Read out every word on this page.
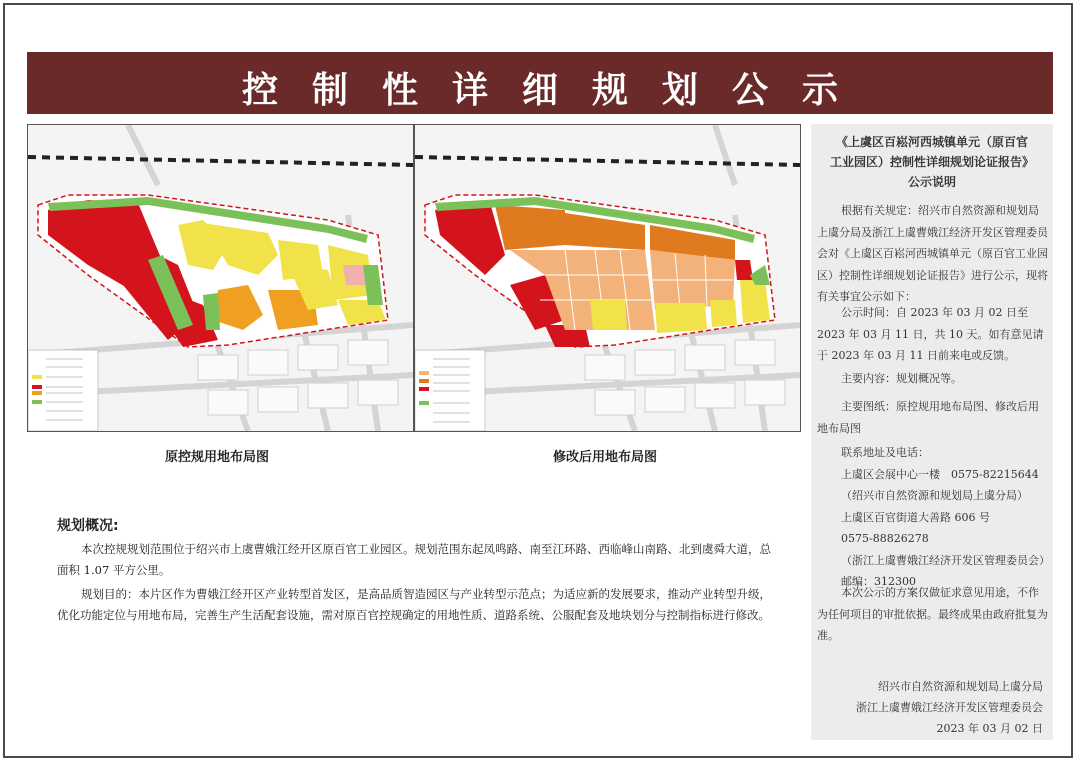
控制性详细规划公示
原控规用地布局图	修改后用地布局图
规划概况:
本次控规规划范围位于绍兴市上虞曹娥江经开区原百官工业园区。规划范围东起凤鸣路、南至江环路、西临峰山南路、北到虞舜大道，总面积 1.07 平方公里。
规划目的：本片区作为曹娥江经开区产业转型首发区，是高品质智造园区与产业转型示范点；为适应新的发展要求，推动产业转型升级，优化功能定位与用地布局，完善生产生活配套设施，需对原百官控规确定的用地性质、道路系统、公服配套及地块划分与控制指标进行修改。
《上虞区百崧河西城镇单元（原百官
工业园区）控制性详细规划论证报告》
公示说明
根据有关规定：绍兴市自然资源和规划局上虞分局及浙江上虞曹娥江经济开发区管理委员会对《上虞区百崧河西城镇单元（原百官工业园区）控制性详细规划论证报告》进行公示，现将有关事宜公示如下：
公示时间：自 2023 年 03 月 02 日至 2023 年 03 月 11 日，共 10 天。如有意见请于 2023 年 03 月 11 日前来电或反馈。
主要内容：规划概况等。
主要图纸：原控规用地布局图、修改后用地布局图
联系地址及电话：
上虞区会展中心一楼　0575-82215644
（绍兴市自然资源和规划局上虞分局）
上虞区百官街道大善路 606 号
0575-88826278
（浙江上虞曹娥江经济开发区管理委员会）
邮编：312300
本次公示的方案仅做征求意见用途，不作为任何项目的审批依据。最终成果由政府批复为准。
绍兴市自然资源和规划局上虞分局
浙江上虞曹娥江经济开发区管理委员会
2023 年 03 月 02 日
